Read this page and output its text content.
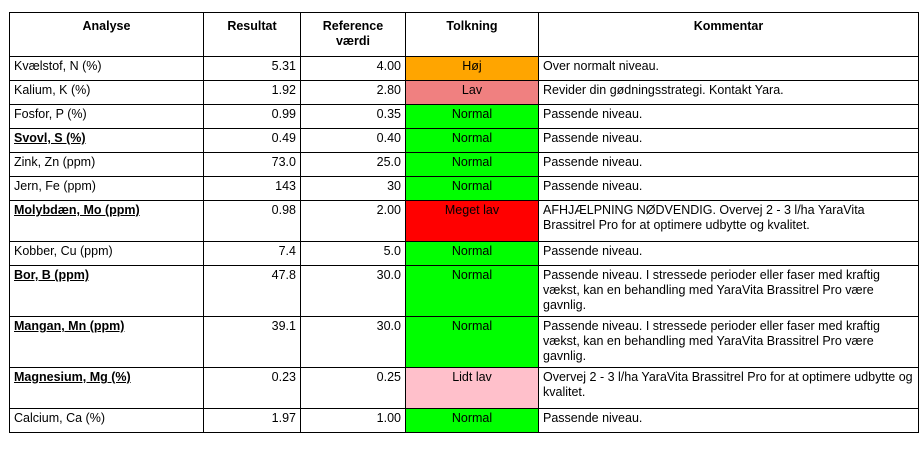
Analyse	Resultat	Reference værdi	Tolkning	Kommentar
Kvælstof, N (%)	5.31	4.00	Høj	Over normalt niveau.
Kalium, K (%)	1.92	2.80	Lav	Revider din gødningsstrategi. Kontakt Yara.
Fosfor, P (%)	0.99	0.35	Normal	Passende niveau.
Svovl, S (%)	0.49	0.40	Normal	Passende niveau.
Zink, Zn (ppm)	73.0	25.0	Normal	Passende niveau.
Jern, Fe (ppm)	143	30	Normal	Passende niveau.
Molybdæn, Mo (ppm)	0.98	2.00	Meget lav	AFHJÆLPNING NØDVENDIG. Overvej 2 - 3 l/ha YaraVita Brassitrel Pro for at optimere udbytte og kvalitet.
Kobber, Cu (ppm)	7.4	5.0	Normal	Passende niveau.
Bor, B (ppm)	47.8	30.0	Normal	Passende niveau. I stressede perioder eller faser med kraftig vækst, kan en behandling med YaraVita Brassitrel Pro være gavnlig.
Mangan, Mn (ppm)	39.1	30.0	Normal	Passende niveau. I stressede perioder eller faser med kraftig vækst, kan en behandling med YaraVita Brassitrel Pro være gavnlig.
Magnesium, Mg (%)	0.23	0.25	Lidt lav	Overvej 2 - 3 l/ha YaraVita Brassitrel Pro for at optimere udbytte og kvalitet.
Calcium, Ca (%)	1.97	1.00	Normal	Passende niveau.
